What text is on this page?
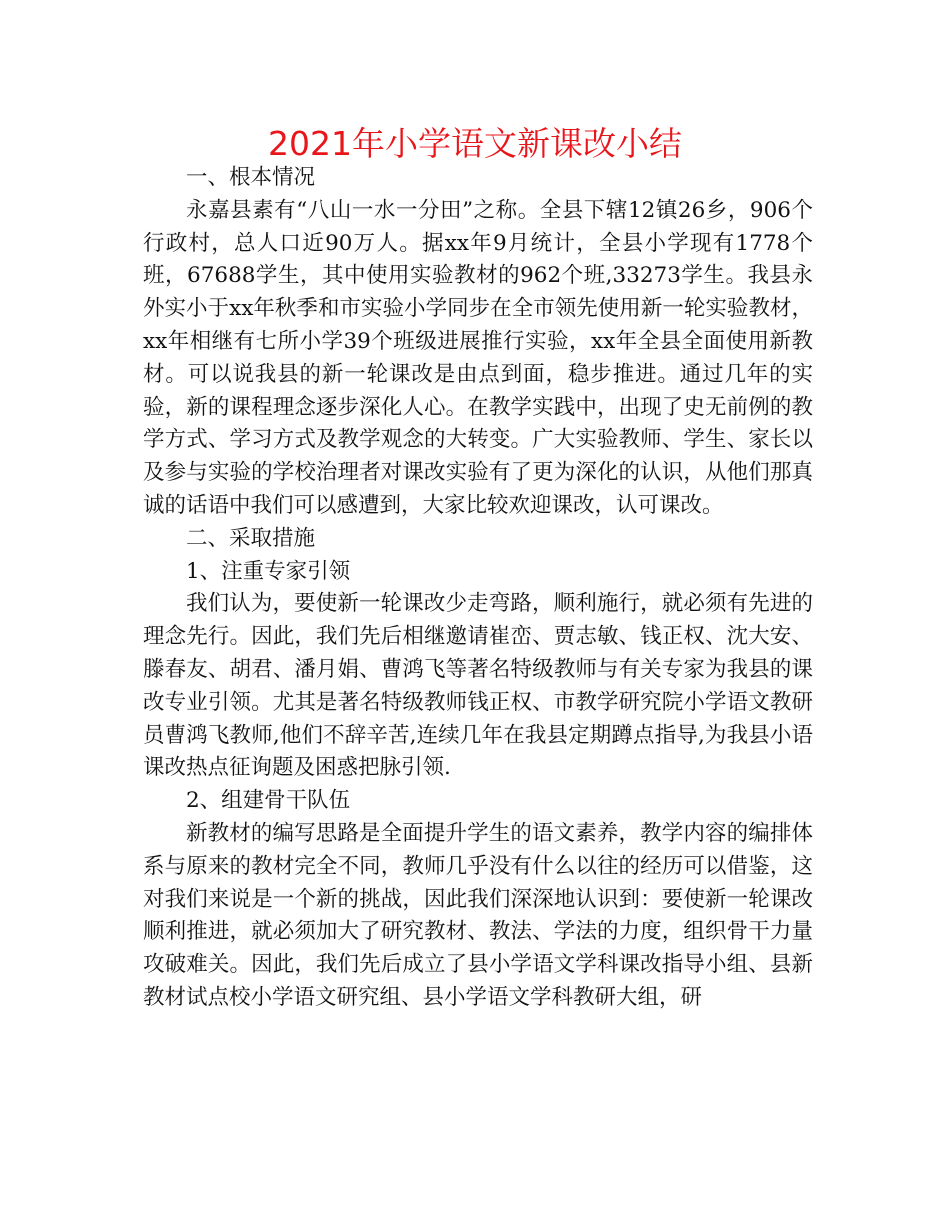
2021年小学语文新课改小结

一、根本情况

永嘉县素有“八山一水一分田”之称。全县下辖12镇26乡，906个行政村，总人口近90万人。据xx年9月统计，全县小学现有1778个班，67688学生，其中使用实验教材的962个班,33273学生。我县永外实小于xx年秋季和市实验小学同步在全市领先使用新一轮实验教材，xx年相继有七所小学39个班级进展推行实验，xx年全县全面使用新教材。可以说我县的新一轮课改是由点到面，稳步推进。通过几年的实验，新的课程理念逐步深化人心。在教学实践中，出现了史无前例的教学方式、学习方式及教学观念的大转变。广大实验教师、学生、家长以及参与实验的学校治理者对课改实验有了更为深化的认识，从他们那真诚的话语中我们可以感遭到，大家比较欢迎课改，认可课改。

二、采取措施

1、注重专家引领

我们认为，要使新一轮课改少走弯路，顺利施行，就必须有先进的理念先行。因此，我们先后相继邀请崔峦、贾志敏、钱正权、沈大安、滕春友、胡君、潘月娟、曹鸿飞等著名特级教师与有关专家为我县的课改专业引领。尤其是著名特级教师钱正权、市教学研究院小学语文教研员曹鸿飞教师,他们不辞辛苦,连续几年在我县定期蹲点指导,为我县小语课改热点征询题及困惑把脉引领.

2、组建骨干队伍

新教材的编写思路是全面提升学生的语文素养，教学内容的编排体系与原来的教材完全不同，教师几乎没有什么以往的经历可以借鉴，这对我们来说是一个新的挑战，因此我们深深地认识到：要使新一轮课改顺利推进，就必须加大了研究教材、教法、学法的力度，组织骨干力量攻破难关。因此，我们先后成立了县小学语文学科课改指导小组、县新教材试点校小学语文研究组、县小学语文学科教研大组，研
